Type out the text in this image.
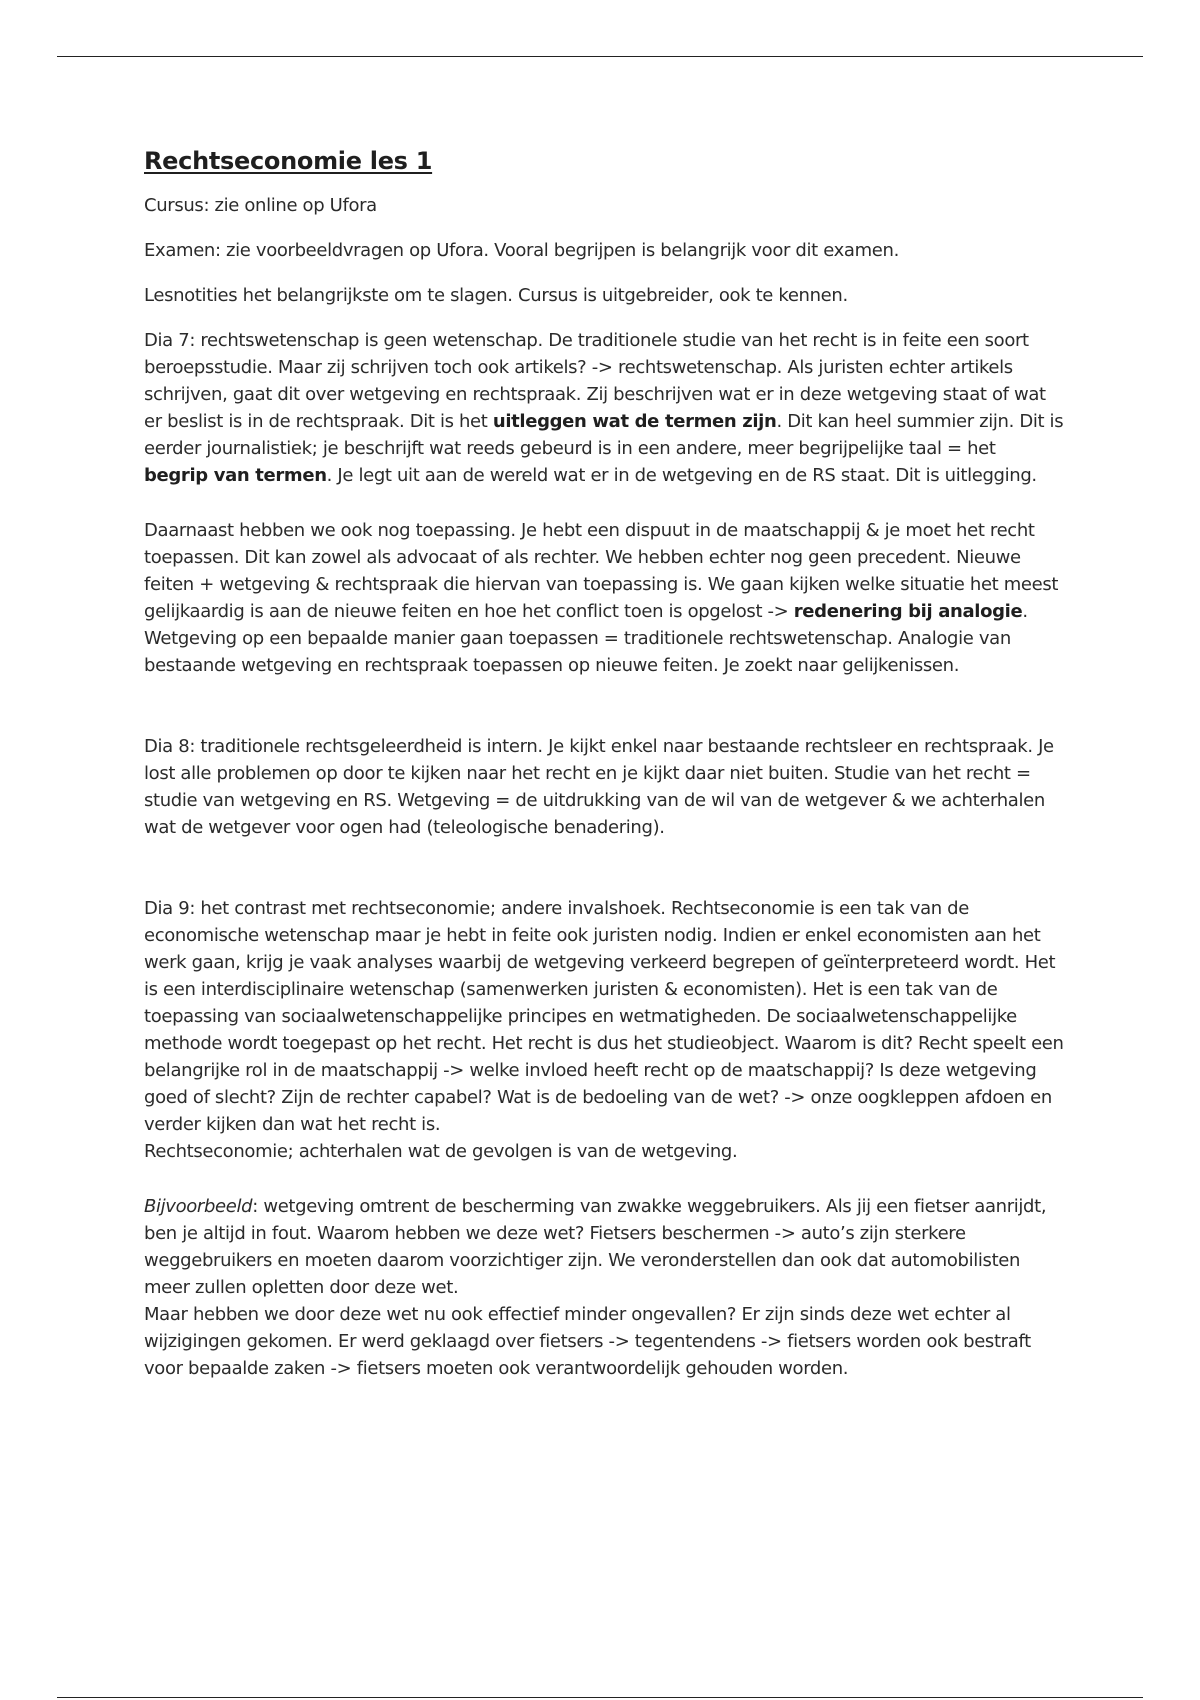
Rechtseconomie les 1

Cursus: zie online op Ufora

Examen: zie voorbeeldvragen op Ufora. Vooral begrijpen is belangrijk voor dit examen.

Lesnotities het belangrijkste om te slagen. Cursus is uitgebreider, ook te kennen.

Dia 7: rechtswetenschap is geen wetenschap. De traditionele studie van het recht is in feite een soort beroepsstudie. Maar zij schrijven toch ook artikels? -> rechtswetenschap. Als juristen echter artikels schrijven, gaat dit over wetgeving en rechtspraak. Zij beschrijven wat er in deze wetgeving staat of wat er beslist is in de rechtspraak. Dit is het uitleggen wat de termen zijn. Dit kan heel summier zijn. Dit is eerder journalistiek; je beschrijft wat reeds gebeurd is in een andere, meer begrijpelijke taal = het begrip van termen. Je legt uit aan de wereld wat er in de wetgeving en de RS staat. Dit is uitlegging.

Daarnaast hebben we ook nog toepassing. Je hebt een dispuut in de maatschappij & je moet het recht toepassen. Dit kan zowel als advocaat of als rechter. We hebben echter nog geen precedent. Nieuwe feiten + wetgeving & rechtspraak die hiervan van toepassing is. We gaan kijken welke situatie het meest gelijkaardig is aan de nieuwe feiten en hoe het conflict toen is opgelost -> redenering bij analogie. Wetgeving op een bepaalde manier gaan toepassen = traditionele rechtswetenschap. Analogie van bestaande wetgeving en rechtspraak toepassen op nieuwe feiten. Je zoekt naar gelijkenissen.

Dia 8: traditionele rechtsgeleerdheid is intern. Je kijkt enkel naar bestaande rechtsleer en rechtspraak. Je lost alle problemen op door te kijken naar het recht en je kijkt daar niet buiten. Studie van het recht = studie van wetgeving en RS. Wetgeving = de uitdrukking van de wil van de wetgever & we achterhalen wat de wetgever voor ogen had (teleologische benadering).

Dia 9: het contrast met rechtseconomie; andere invalshoek. Rechtseconomie is een tak van de economische wetenschap maar je hebt in feite ook juristen nodig. Indien er enkel economisten aan het werk gaan, krijg je vaak analyses waarbij de wetgeving verkeerd begrepen of geïnterpreteerd wordt. Het is een interdisciplinaire wetenschap (samenwerken juristen & economisten). Het is een tak van de toepassing van sociaalwetenschappelijke principes en wetmatigheden. De sociaalwetenschappelijke methode wordt toegepast op het recht. Het recht is dus het studieobject. Waarom is dit? Recht speelt een belangrijke rol in de maatschappij -> welke invloed heeft recht op de maatschappij? Is deze wetgeving goed of slecht? Zijn de rechter capabel? Wat is de bedoeling van de wet? -> onze oogkleppen afdoen en verder kijken dan wat het recht is.

Rechtseconomie; achterhalen wat de gevolgen is van de wetgeving.

Bijvoorbeeld: wetgeving omtrent de bescherming van zwakke weggebruikers. Als jij een fietser aanrijdt, ben je altijd in fout. Waarom hebben we deze wet? Fietsers beschermen -> auto’s zijn sterkere weggebruikers en moeten daarom voorzichtiger zijn. We veronderstellen dan ook dat automobilisten meer zullen opletten door deze wet.

Maar hebben we door deze wet nu ook effectief minder ongevallen? Er zijn sinds deze wet echter al wijzigingen gekomen. Er werd geklaagd over fietsers -> tegentendens -> fietsers worden ook bestraft voor bepaalde zaken -> fietsers moeten ook verantwoordelijk gehouden worden.
